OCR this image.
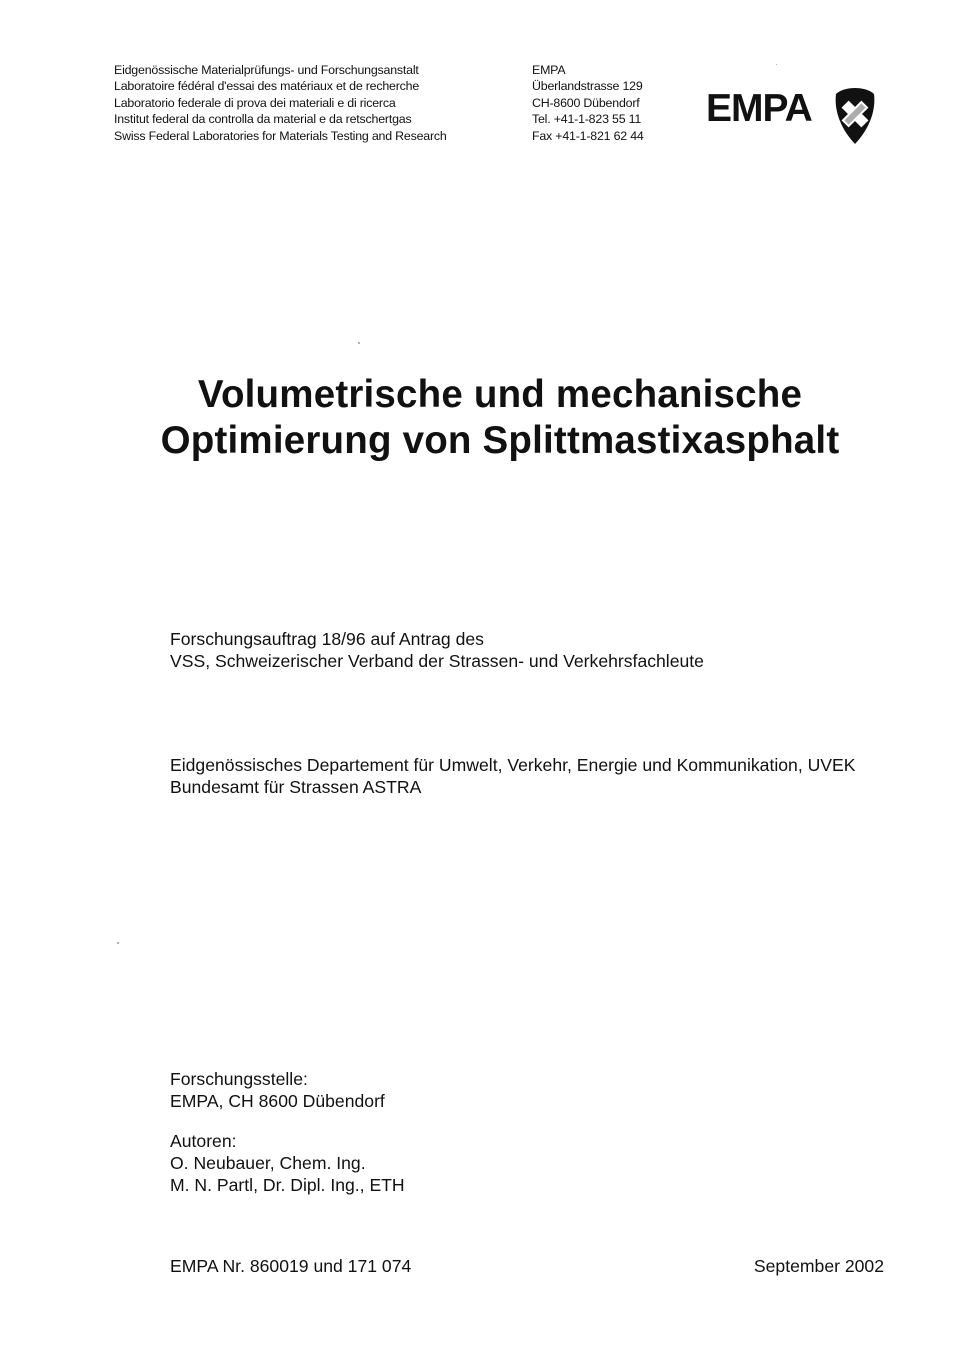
Eidgenössische Materialprüfungs- und Forschungsanstalt
Laboratoire fédéral d'essai des matériaux et de recherche
Laboratorio federale di prova dei materiali e di ricerca
Institut federal da controlla da material e da retschertgas
Swiss Federal Laboratories for Materials Testing and Research
EMPA
Überlandstrasse 129
CH-8600 Dübendorf
Tel. +41-1-823 55 11
Fax +41-1-821 62 44
EMPA
Volumetrische und mechanische
Optimierung von Splittmastixasphalt
Forschungsauftrag 18/96 auf Antrag des
VSS, Schweizerischer Verband der Strassen- und Verkehrsfachleute
Eidgenössisches Departement für Umwelt, Verkehr, Energie und Kommunikation, UVEK
Bundesamt für Strassen ASTRA
Forschungsstelle:
EMPA, CH 8600 Dübendorf
Autoren:
O. Neubauer, Chem. Ing.
M. N. Partl, Dr. Dipl. Ing., ETH
EMPA Nr. 860019 und 171 074	September 2002
